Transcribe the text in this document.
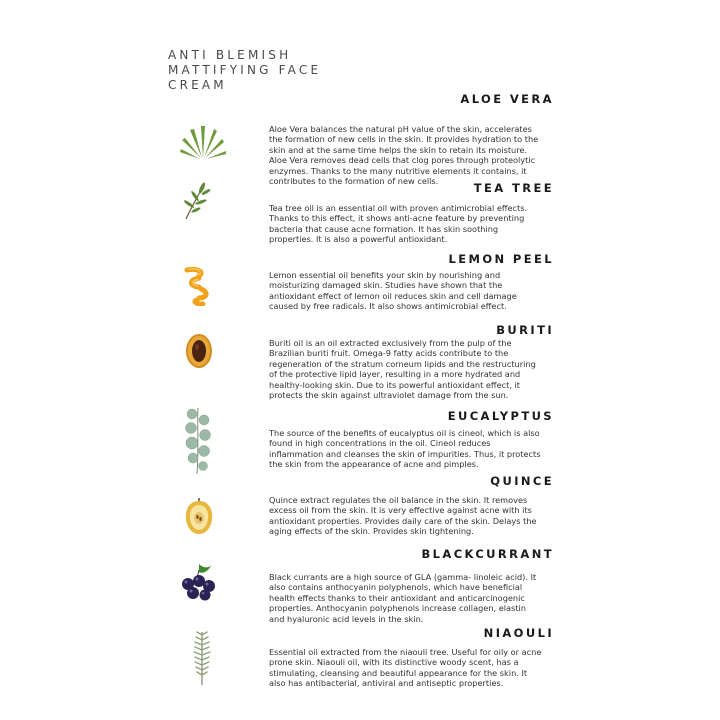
ANTI BLEMISH
MATTIFYING FACE
CREAM
ALOE VERA
Aloe Vera balances the natural pH value of the skin, accelerates
the formation of new cells in the skin. It provides hydration to the
skin and at the same time helps the skin to retain its moisture.
Aloe Vera removes dead cells that clog pores through proteolytic
enzymes. Thanks to the many nutritive elements it contains, it
contributes to the formation of new cells.	TEA TREE
Tea tree oil is an essential oil with proven antimicrobial effects.
Thanks to this effect, it shows anti-acne feature by preventing
bacteria that cause acne formation. It has skin soothing
properties. It is also a powerful antioxidant.
LEMON PEEL
Lemon essential oil benefits your skin by nourishing and
moisturizing damaged skin. Studies have shown that the
antioxidant effect of lemon oil reduces skin and cell damage
caused by free radicals. It also shows antimicrobial effect.
BURITI
Buriti oil is an oil extracted exclusively from the pulp of the
Brazilian buriti fruit. Omega-9 fatty acids contribute to the
regeneration of the stratum corneum lipids and the restructuring
of the protective lipid layer, resulting in a more hydrated and
healthy-looking skin. Due to its powerful antioxidant effect, it
protects the skin against ultraviolet damage from the sun.
EUCALYPTUS
The source of the benefits of eucalyptus oil is cineol, which is also
found in high concentrations in the oil. Cineol reduces
inflammation and cleanses the skin of impurities. Thus, it protects
the skin from the appearance of acne and pimples.
QUINCE
Quince extract regulates the oil balance in the skin. It removes
excess oil from the skin. It is very effective against acne with its
antioxidant properties. Provides daily care of the skin. Delays the
aging effects of the skin. Provides skin tightening.
BLACKCURRANT
Black currants are a high source of GLA (gamma- linoleic acid). It
also contains anthocyanin polyphenols, which have beneficial
health effects thanks to their antioxidant and anticarcinogenic
properties. Anthocyanin polyphenols increase collagen, elastin
and hyaluronic acid levels in the skin.
NIAOULI
Essential oil extracted from the niaouli tree. Useful for oily or acne
prone skin. Niaouli oil, with its distinctive woody scent, has a
stimulating, cleansing and beautiful appearance for the skin. It
also has antibacterial, antiviral and antiseptic properties.
